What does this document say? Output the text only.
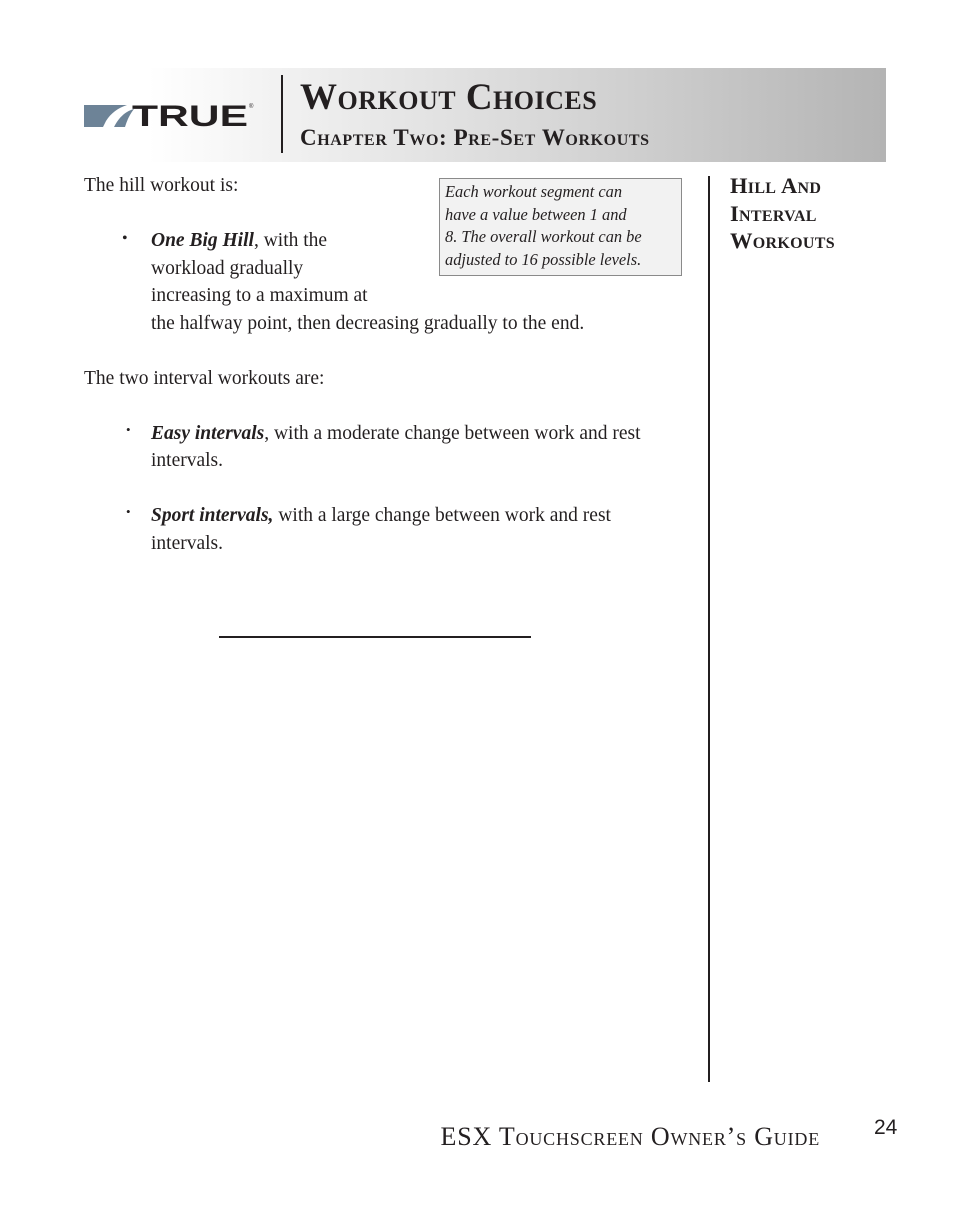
TRUE ® Workout Choices
Chapter Two: Pre-Set Workouts
Each workout segment can
have a value between 1 and
8. The overall workout can be
adjusted to 16 possible levels.

The hill workout is:

• One Big Hill, with the
workload gradually
increasing to a maximum at
the halfway point, then decreasing gradually to the end.

The two interval workouts are:

• Easy intervals, with a moderate change between work and rest intervals.
• Sport intervals, with a large change between work and rest intervals.
Hill And
Interval
Workouts
ESX Touchscreen Owner’s Guide	24
